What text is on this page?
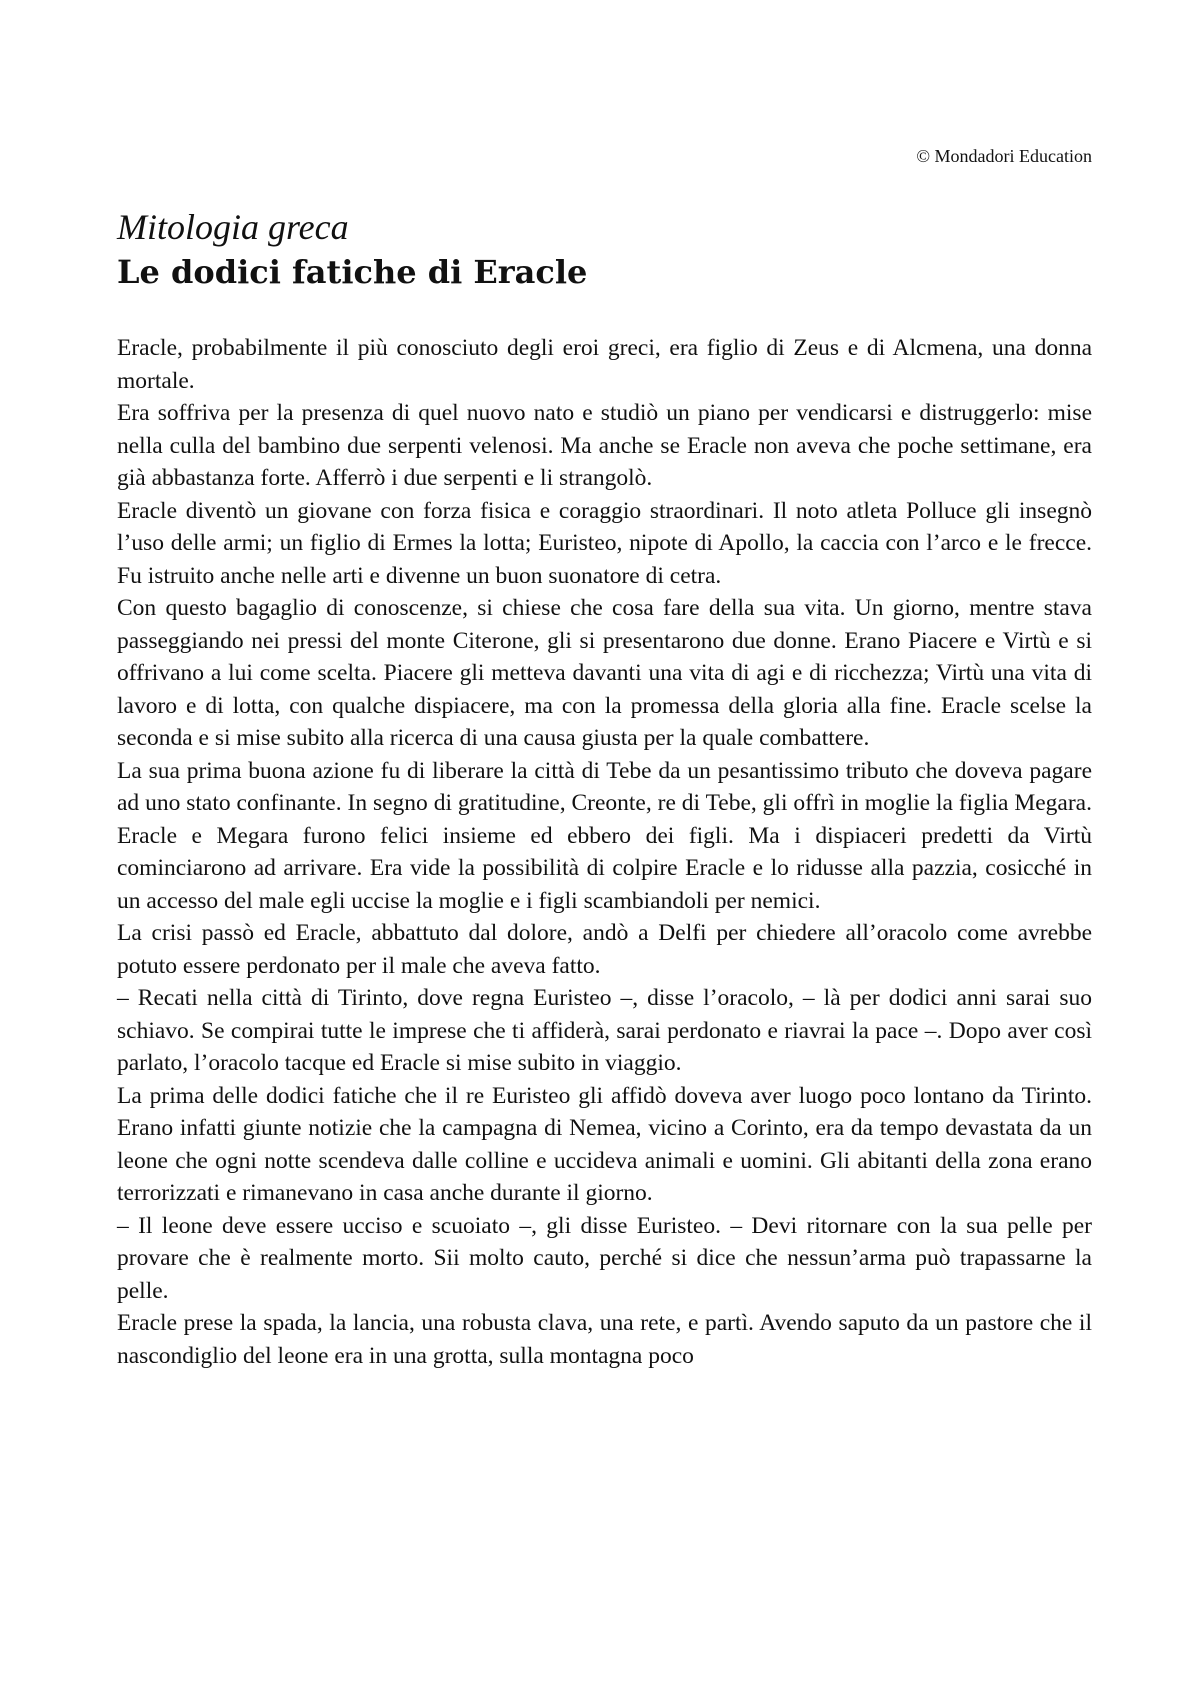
© Mondadori Education
Mitologia greca
Le dodici fatiche di Eracle

Eracle, probabilmente il più conosciuto degli eroi greci, era figlio di Zeus e di Alcmena, una donna mortale.

Era soffriva per la presenza di quel nuovo nato e studiò un piano per vendicarsi e distruggerlo: mise nella culla del bambino due serpenti velenosi. Ma anche se Eracle non aveva che poche settimane, era già abbastanza forte. Afferrò i due serpenti e li strangolò.

Eracle diventò un giovane con forza fisica e coraggio straordinari. Il noto atleta Polluce gli insegnò l’uso delle armi; un figlio di Ermes la lotta; Euristeo, nipote di Apollo, la caccia con l’arco e le frecce. Fu istruito anche nelle arti e divenne un buon suonatore di cetra.

Con questo bagaglio di conoscenze, si chiese che cosa fare della sua vita. Un giorno, mentre stava passeggiando nei pressi del monte Citerone, gli si presentarono due donne. Erano Piacere e Virtù e si offrivano a lui come scelta. Piacere gli metteva davanti una vita di agi e di ricchezza; Virtù una vita di lavoro e di lotta, con qualche dispiacere, ma con la promessa della gloria alla fine. Eracle scelse la seconda e si mise subito alla ricerca di una causa giusta per la quale combattere.

La sua prima buona azione fu di liberare la città di Tebe da un pesantissimo tributo che doveva pagare ad uno stato confinante. In segno di gratitudine, Creonte, re di Tebe, gli offrì in moglie la figlia Megara. Eracle e Megara furono felici insieme ed ebbero dei figli. Ma i dispiaceri predetti da Virtù cominciarono ad arrivare. Era vide la possibilità di colpire Eracle e lo ridusse alla pazzia, cosicché in un accesso del male egli uccise la moglie e i figli scambiandoli per nemici.

La crisi passò ed Eracle, abbattuto dal dolore, andò a Delfi per chiedere all’oracolo come avrebbe potuto essere perdonato per il male che aveva fatto.

– Recati nella città di Tirinto, dove regna Euristeo –, disse l’oracolo, – là per dodici anni sarai suo schiavo. Se compirai tutte le imprese che ti affiderà, sarai perdonato e riavrai la pace –. Dopo aver così parlato, l’oracolo tacque ed Eracle si mise subito in viaggio.

La prima delle dodici fatiche che il re Euristeo gli affidò doveva aver luogo poco lontano da Tirinto. Erano infatti giunte notizie che la campagna di Nemea, vicino a Corinto, era da tempo devastata da un leone che ogni notte scendeva dalle colline e uccideva animali e uomini. Gli abitanti della zona erano terrorizzati e rimanevano in casa anche durante il giorno.

– Il leone deve essere ucciso e scuoiato –, gli disse Euristeo. – Devi ritornare con la sua pelle per provare che è realmente morto. Sii molto cauto, perché si dice che nessun’arma può trapassarne la pelle.

Eracle prese la spada, la lancia, una robusta clava, una rete, e partì. Avendo saputo da un pastore che il nascondiglio del leone era in una grotta, sulla montagna poco
